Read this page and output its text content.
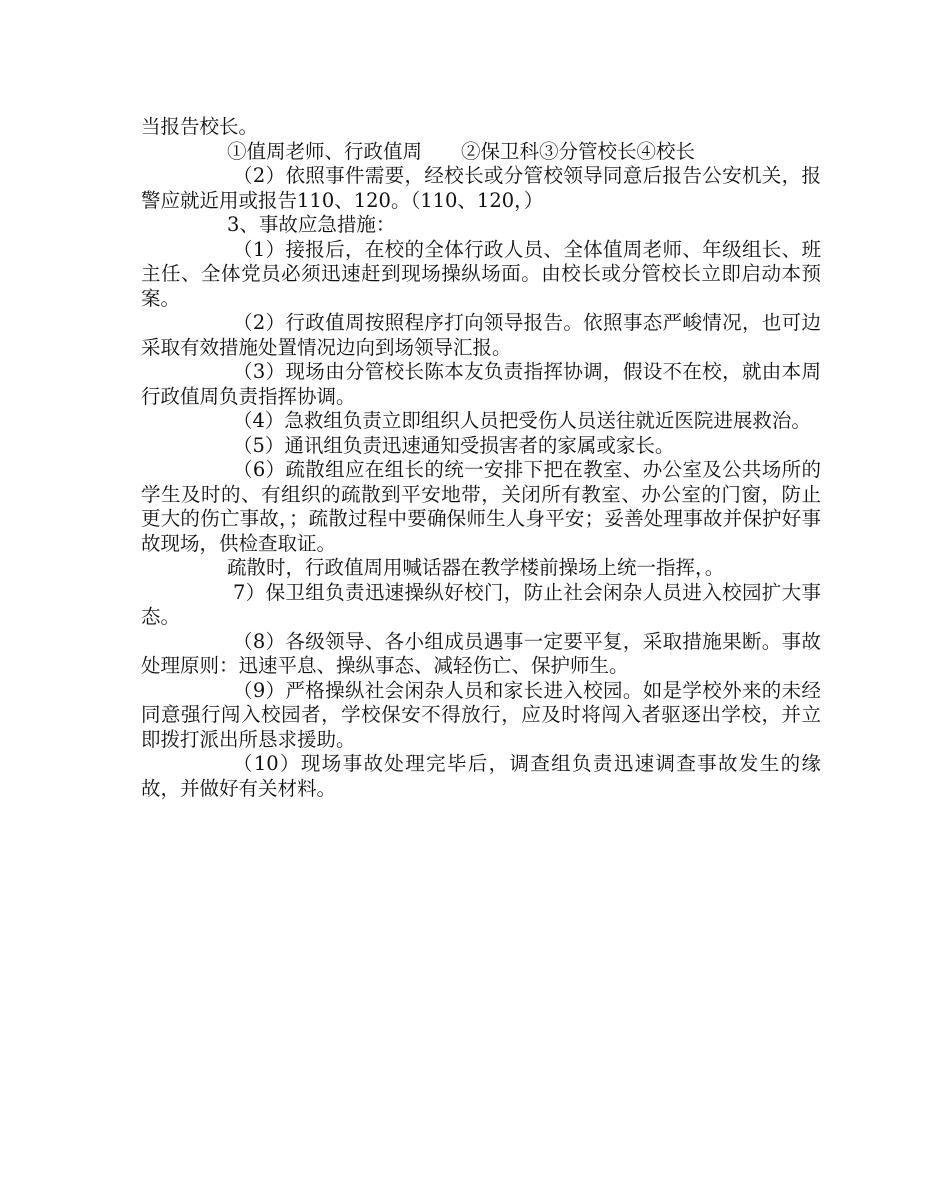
当报告校长。

①值周老师、行政值周　　②保卫科③分管校长④校长

（2）依照事件需要，经校长或分管校领导同意后报告公安机关，报警应就近用或报告110、120。（110、120，）

3、事故应急措施：

（1）接报后，在校的全体行政人员、全体值周老师、年级组长、班主任、全体党员必须迅速赶到现场操纵场面。由校长或分管校长立即启动本预案。

（2）行政值周按照程序打向领导报告。依照事态严峻情况，也可边采取有效措施处置情况边向到场领导汇报。

（3）现场由分管校长陈本友负责指挥协调，假设不在校，就由本周行政值周负责指挥协调。

（4）急救组负责立即组织人员把受伤人员送往就近医院进展救治。

（5）通讯组负责迅速通知受损害者的家属或家长。

（6）疏散组应在组长的统一安排下把在教室、办公室及公共场所的学生及时的、有组织的疏散到平安地带，关闭所有教室、办公室的门窗，防止更大的伤亡事故，；疏散过程中要确保师生人身平安；妥善处理事故并保护好事故现场，供检查取证。

疏散时，行政值周用喊话器在教学楼前操场上统一指挥，。

7）保卫组负责迅速操纵好校门，防止社会闲杂人员进入校园扩大事态。

（8）各级领导、各小组成员遇事一定要平复，采取措施果断。事故处理原则：迅速平息、操纵事态、减轻伤亡、保护师生。

（9）严格操纵社会闲杂人员和家长进入校园。如是学校外来的未经同意强行闯入校园者，学校保安不得放行，应及时将闯入者驱逐出学校，并立即拨打派出所恳求援助。

（10）现场事故处理完毕后，调查组负责迅速调查事故发生的缘故，并做好有关材料。
